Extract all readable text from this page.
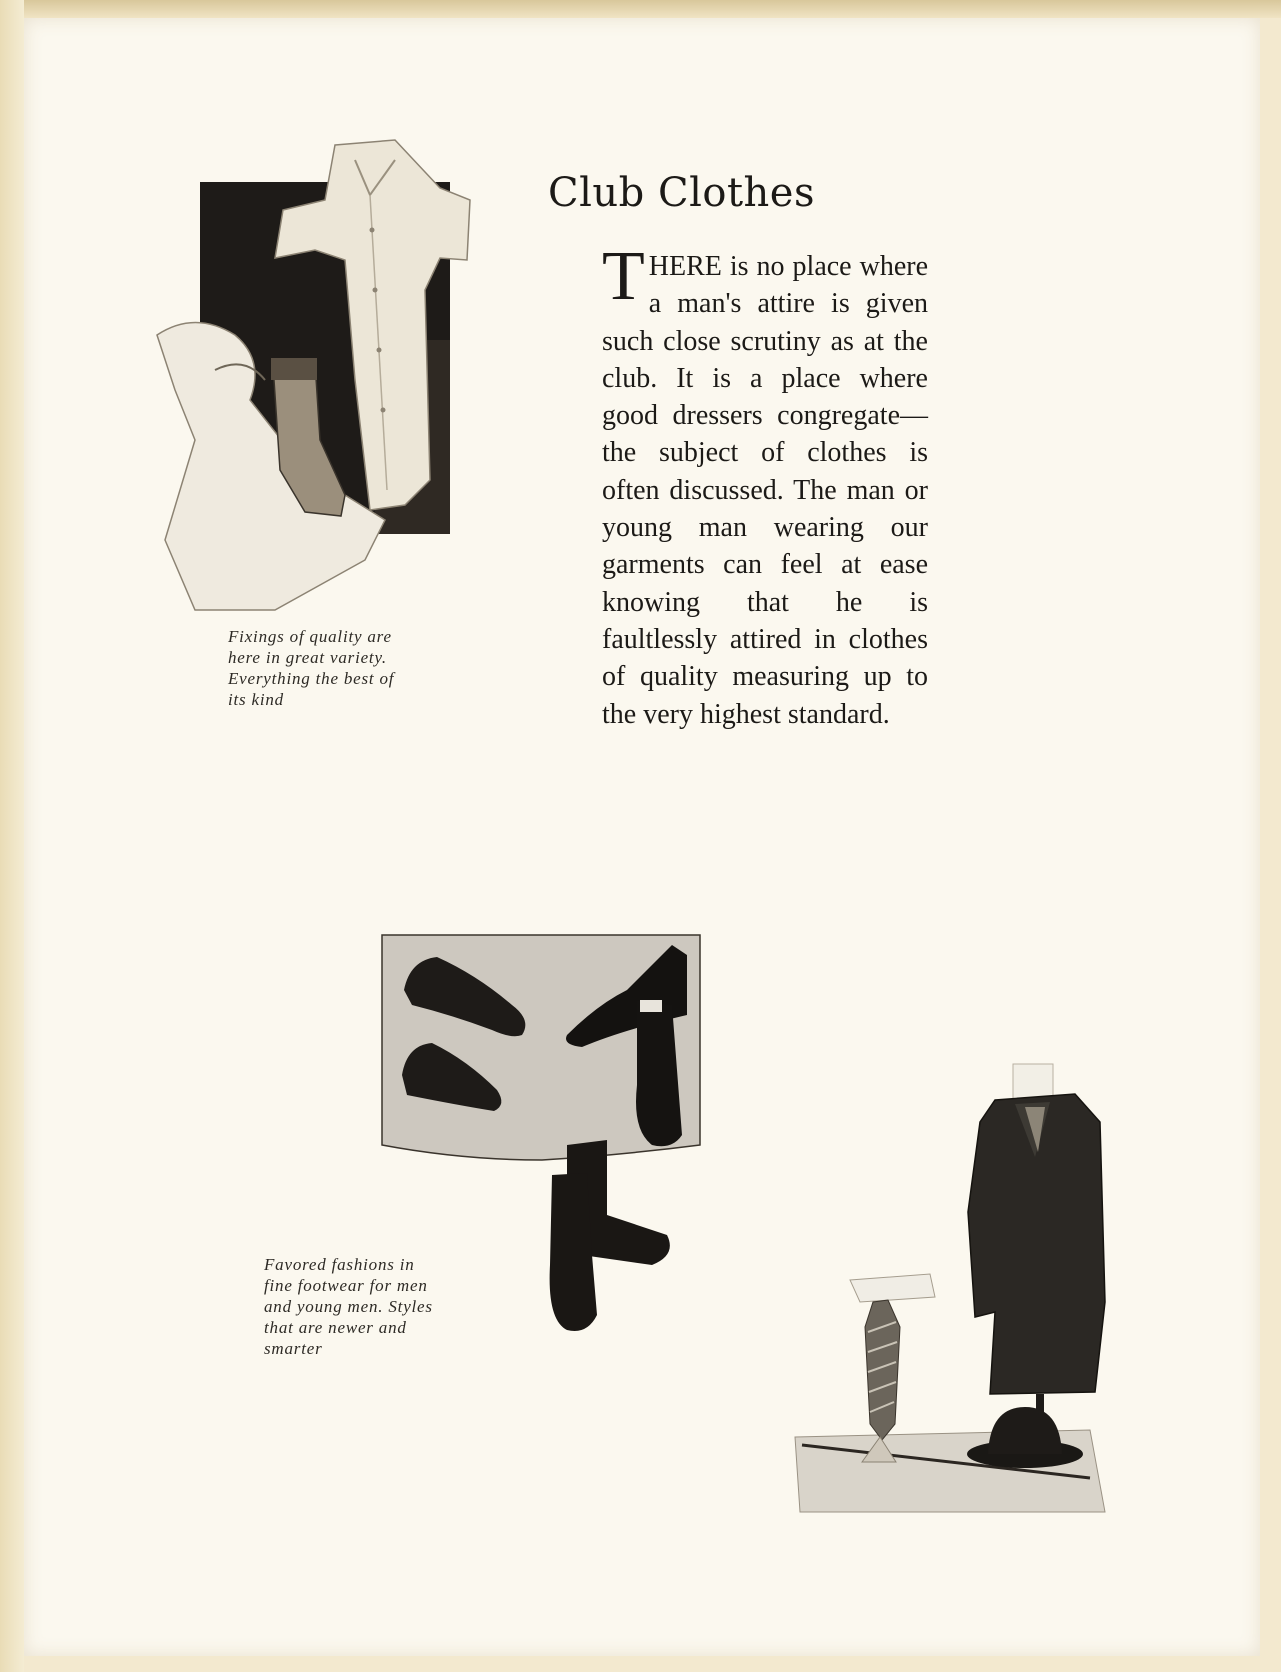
Club Clothes

THERE is no place where a man's attire is given such close scrutiny as at the club. It is a place where good dressers congregate—the subject of clothes is often discussed. The man or young man wearing our garments can feel at ease knowing that he is faultlessly attired in clothes of quality measuring up to the very highest standard.

Fixings of quality are here in great variety. Everything the best of its kind

Favored fashions in fine footwear for men and young men. Styles that are newer and smarter
